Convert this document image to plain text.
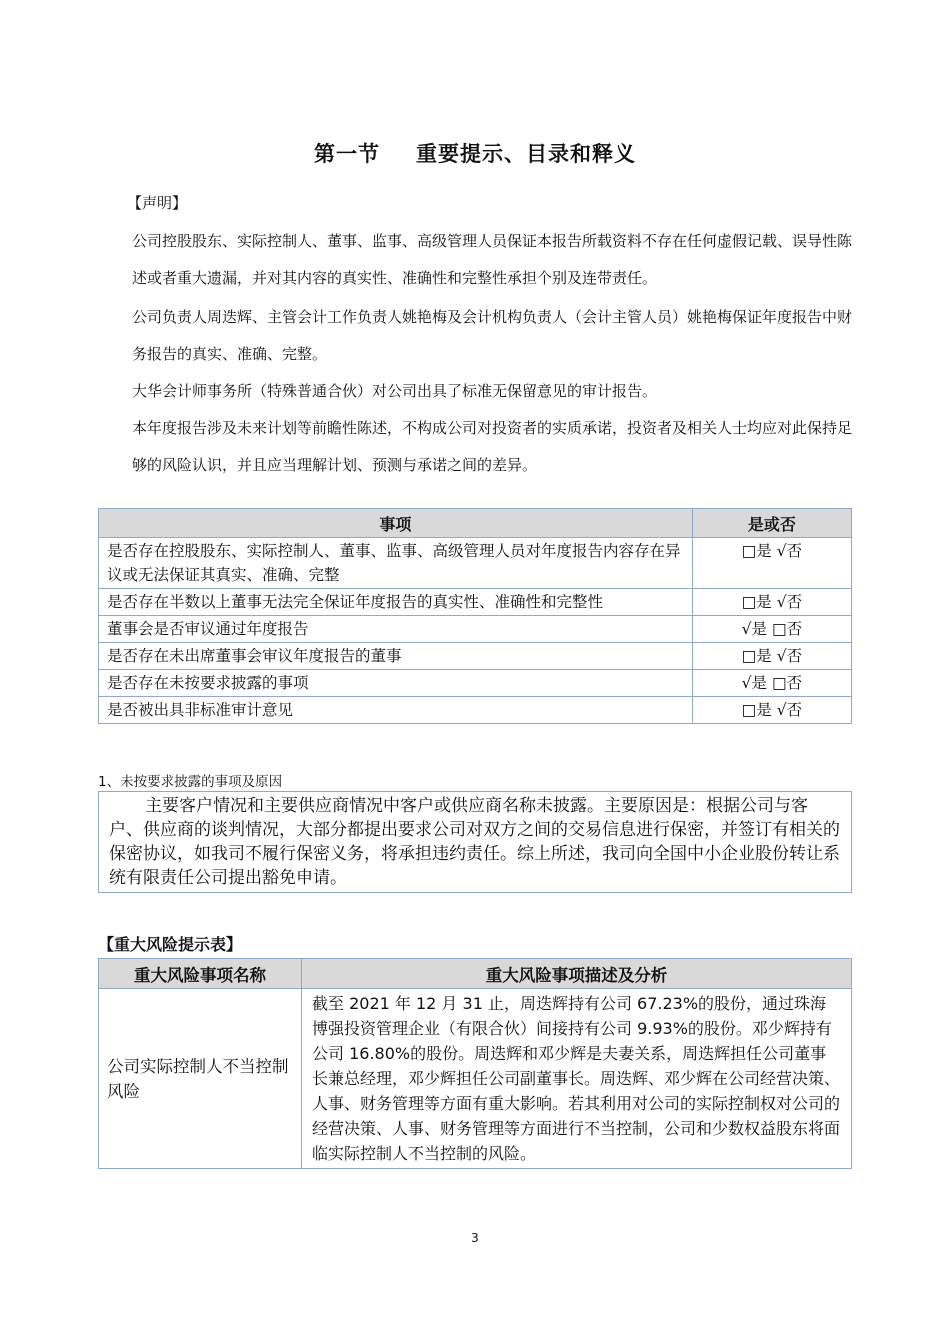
第一节 重要提示、目录和释义
【声明】
公司控股股东、实际控制人、董事、监事、高级管理人员保证本报告所载资料不存在任何虚假记载、误导性陈述或者重大遗漏，并对其内容的真实性、准确性和完整性承担个别及连带责任。
公司负责人周迭辉、主管会计工作负责人姚艳梅及会计机构负责人（会计主管人员）姚艳梅保证年度报告中财务报告的真实、准确、完整。
大华会计师事务所（特殊普通合伙）对公司出具了标准无保留意见的审计报告。
本年度报告涉及未来计划等前瞻性陈述，不构成公司对投资者的实质承诺，投资者及相关人士均应对此保持足够的风险认识，并且应当理解计划、预测与承诺之间的差异。
事项	是或否
是否存在控股股东、实际控制人、董事、监事、高级管理人员对年度报告内容存在异议或无法保证其真实、准确、完整	□是 √否
是否存在半数以上董事无法完全保证年度报告的真实性、准确性和完整性	□是 √否
董事会是否审议通过年度报告	√是 □否
是否存在未出席董事会审议年度报告的董事	□是 √否
是否存在未按要求披露的事项	√是 □否
是否被出具非标准审计意见	□是 √否
1、未按要求披露的事项及原因
主要客户情况和主要供应商情况中客户或供应商名称未披露。主要原因是：根据公司与客户、供应商的谈判情况，大部分都提出要求公司对双方之间的交易信息进行保密，并签订有相关的保密协议，如我司不履行保密义务，将承担违约责任。综上所述，我司向全国中小企业股份转让系统有限责任公司提出豁免申请。
【重大风险提示表】
重大风险事项名称	重大风险事项描述及分析
公司实际控制人不当控制风险	截至 2021 年 12 月 31 止，周迭辉持有公司 67.23%的股份，通过珠海博强投资管理企业（有限合伙）间接持有公司 9.93%的股份。邓少辉持有公司 16.80%的股份。周迭辉和邓少辉是夫妻关系，周迭辉担任公司董事长兼总经理，邓少辉担任公司副董事长。周迭辉、邓少辉在公司经营决策、人事、财务管理等方面有重大影响。若其利用对公司的实际控制权对公司的经营决策、人事、财务管理等方面进行不当控制，公司和少数权益股东将面临实际控制人不当控制的风险。
3
